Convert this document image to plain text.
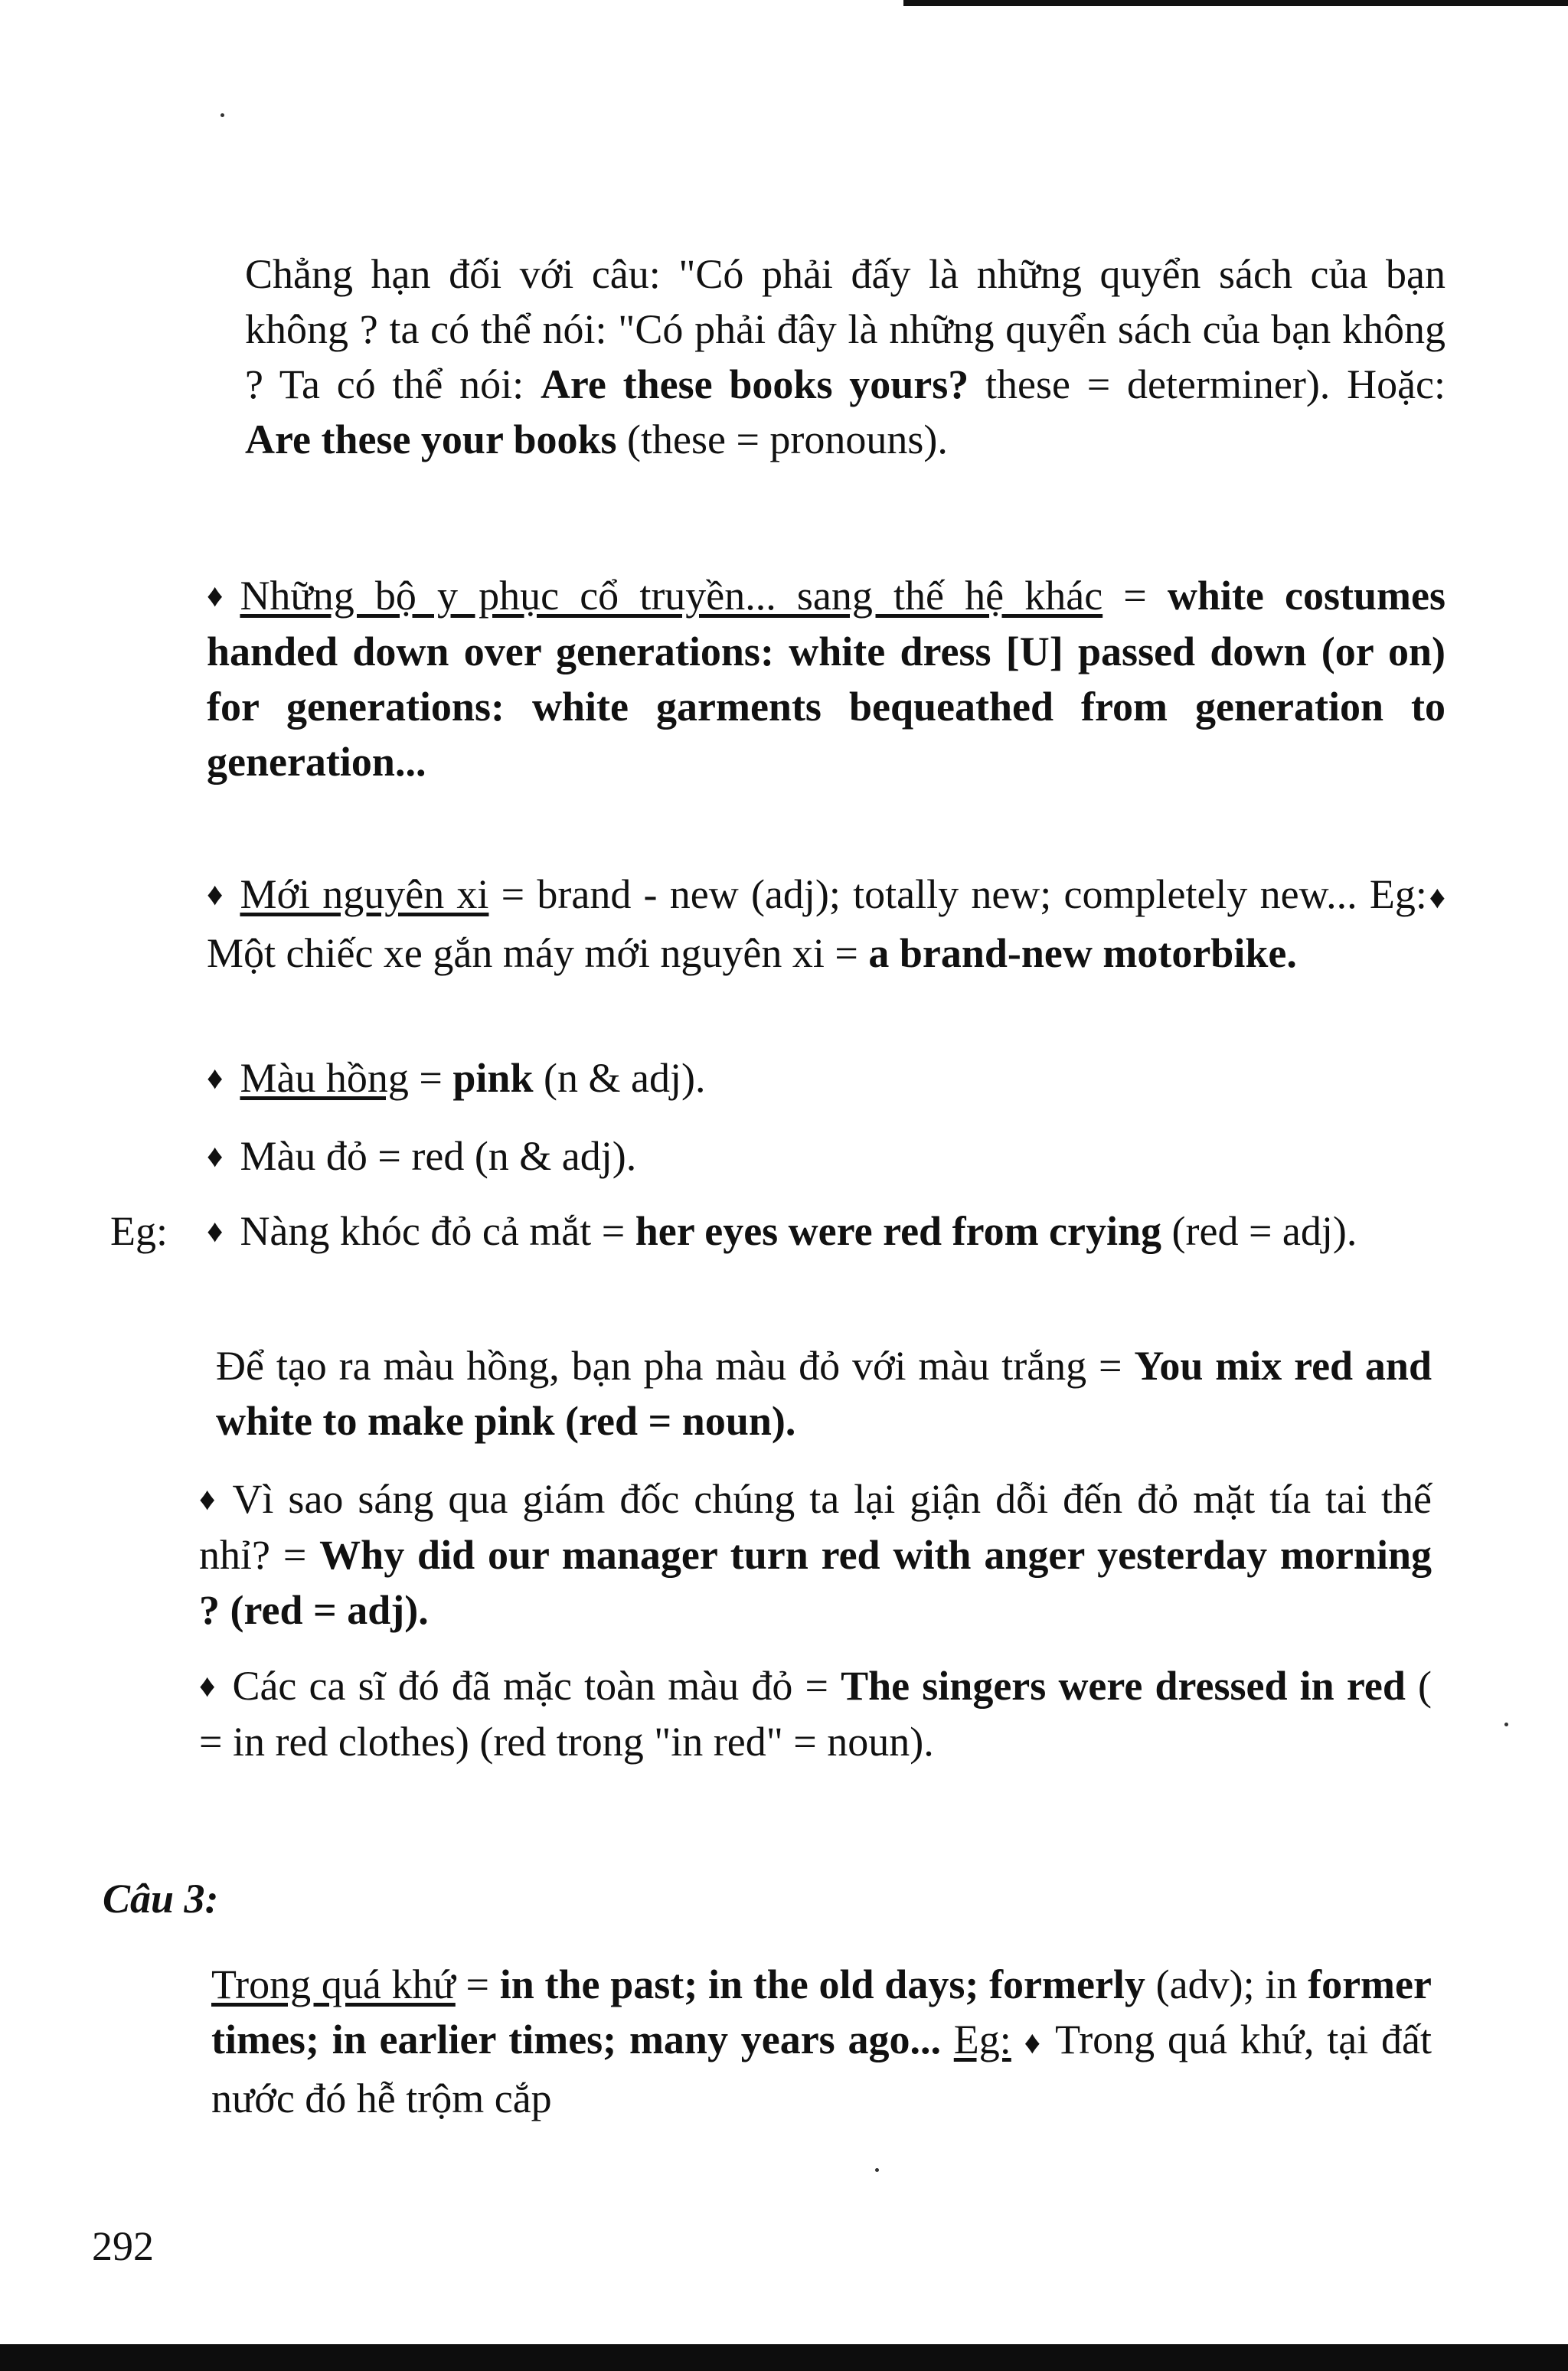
Chẳng hạn đối với câu: "Có phải đấy là những quyển sách của bạn không ? ta có thể nói: "Có phải đây là những quyển sách của bạn không ? Ta có thể nói: Are these books yours? these = determiner). Hoặc: Are these your books (these = pronouns).
♦ Những bộ y phục cổ truyền... sang thế hệ khác = white costumes handed down over generations: white dress [U] passed down (or on) for generations: white garments bequeathed from generation to generation...
♦ Mới nguyên xi = brand - new (adj); totally new; completely new... Eg:♦ Một chiếc xe gắn máy mới nguyên xi = a brand-new motorbike.
♦ Màu hồng = pink (n & adj).
♦ Màu đỏ = red (n & adj).
Eg: ♦ Nàng khóc đỏ cả mắt = her eyes were red from crying (red = adj).
Để tạo ra màu hồng, bạn pha màu đỏ với màu trắng = You mix red and white to make pink (red = noun).
♦ Vì sao sáng qua giám đốc chúng ta lại giận dỗi đến đỏ mặt tía tai thế nhỉ? = Why did our manager turn red with anger yesterday morning ? (red = adj).
♦ Các ca sĩ đó đã mặc toàn màu đỏ = The singers were dressed in red ( = in red clothes) (red trong "in red" = noun).
Câu 3:
Trong quá khứ = in the past; in the old days; formerly (adv); in former times; in earlier times; many years ago... Eg: ♦ Trong quá khứ, tại đất nước đó hễ trộm cắp
292
